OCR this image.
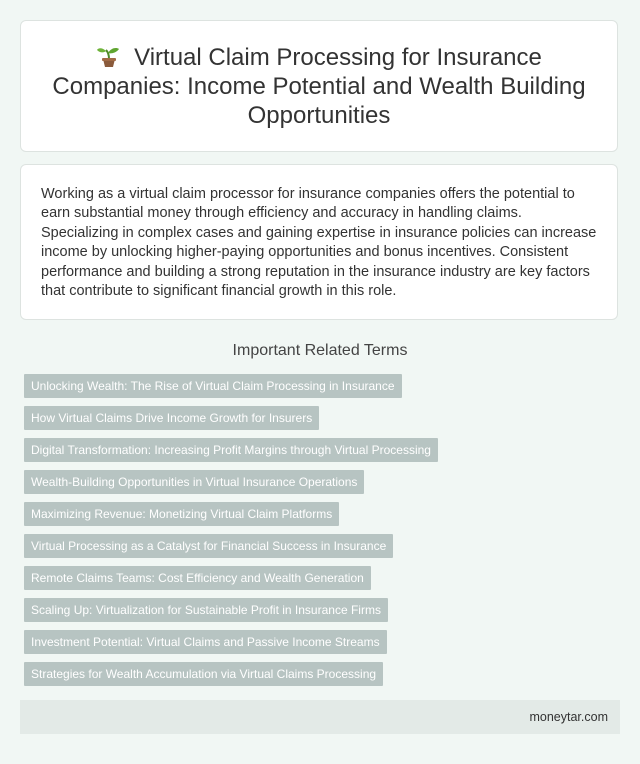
Virtual Claim Processing for Insurance Companies: Income Potential and Wealth Building Opportunities

Working as a virtual claim processor for insurance companies offers the potential to earn substantial money through efficiency and accuracy in handling claims. Specializing in complex cases and gaining expertise in insurance policies can increase income by unlocking higher-paying opportunities and bonus incentives. Consistent performance and building a strong reputation in the insurance industry are key factors that contribute to significant financial growth in this role.

Important Related Terms
Unlocking Wealth: The Rise of Virtual Claim Processing in Insurance
How Virtual Claims Drive Income Growth for Insurers
Digital Transformation: Increasing Profit Margins through Virtual Processing
Wealth-Building Opportunities in Virtual Insurance Operations
Maximizing Revenue: Monetizing Virtual Claim Platforms
Virtual Processing as a Catalyst for Financial Success in Insurance
Remote Claims Teams: Cost Efficiency and Wealth Generation
Scaling Up: Virtualization for Sustainable Profit in Insurance Firms
Investment Potential: Virtual Claims and Passive Income Streams
Strategies for Wealth Accumulation via Virtual Claims Processing
moneytar.com
